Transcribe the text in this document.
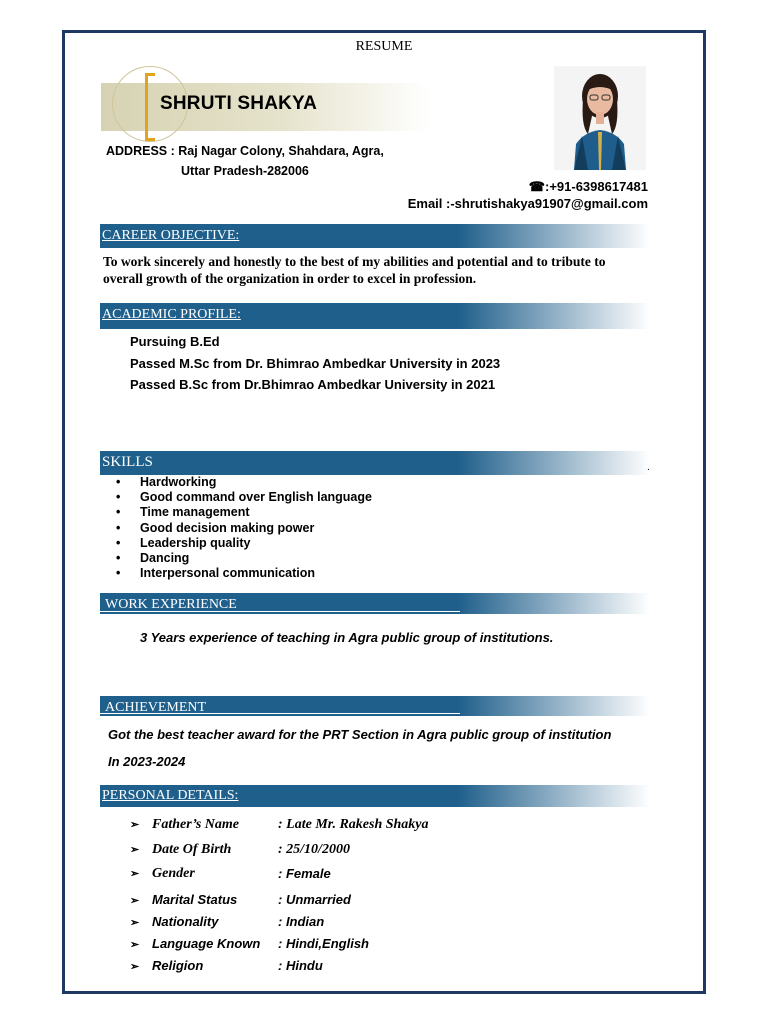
RESUME
SHRUTI SHAKYA
ADDRESS : Raj Nagar Colony, Shahdara, Agra,
Uttar Pradesh-282006
☎:+91-6398617481
Email :-shrutishakya91907@gmail.com
CAREER OBJECTIVE:
To work sincerely and honestly to the best of my abilities and potential and to tribute to
overall growth of the organization in order to excel in profession.
ACADEMIC PROFILE:
Pursuing B.Ed
Passed M.Sc from Dr. Bhimrao Ambedkar University in 2023
Passed B.Sc from Dr.Bhimrao Ambedkar University in 2021
SKILLS	.
• Hardworking
• Good command over English language
• Time management
• Good decision making power
• Leadership quality
• Dancing
• Interpersonal communication
WORK EXPERIENCE
3 Years experience of teaching in Agra public group of institutions.
ACHIEVEMENT
Got the best teacher award for the PRT Section in Agra public group of institution
In 2023-2024
PERSONAL DETAILS:
➢ Father’s Name	: Late Mr. Rakesh Shakya
➢ Date Of Birth	: 25/10/2000
➢ Gender	: Female
➢ Marital Status	: Unmarried
➢ Nationality	: Indian
➢ Language Known : Hindi,English
➢ Religion	: Hindu
